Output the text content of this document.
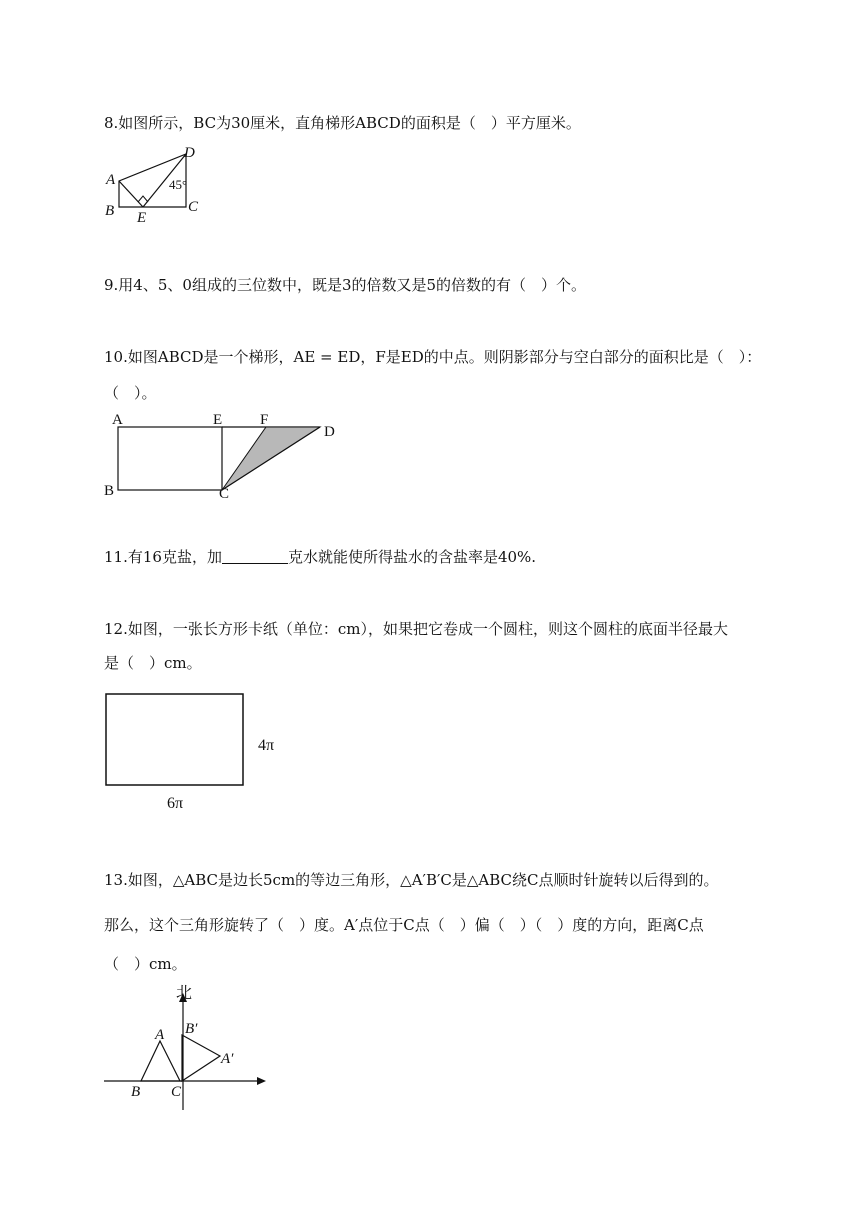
8.如图所示，BC为30厘米，直角梯形ABCD的面积是（　）平方厘米。
A
B E
C
D
45°
9.用4、5、0组成的三位数中，既是3的倍数又是5的倍数的有（　）个。
10.如图ABCD是一个梯形，AE = ED，F是ED的中点。则阴影部分与空白部分的面积比是（　）：
（　）。
A
B	C
D
E	F
11.有16克盐，加	克水就能使所得盐水的含盐率是40%.
12.如图，一张长方形卡纸（单位：cm），如果把它卷成一个圆柱，则这个圆柱的底面半径最大
是（　）cm。
4π
6π
13.如图，△ABC是边长5cm的等边三角形，△A′B′C是△ABC绕C点顺时针旋转以后得到的。
那么，这个三角形旋转了（　）度。A′点位于C点（　）偏（　）（　）度的方向，距离C点
（　）cm。
北
A
B C
B′
A′
